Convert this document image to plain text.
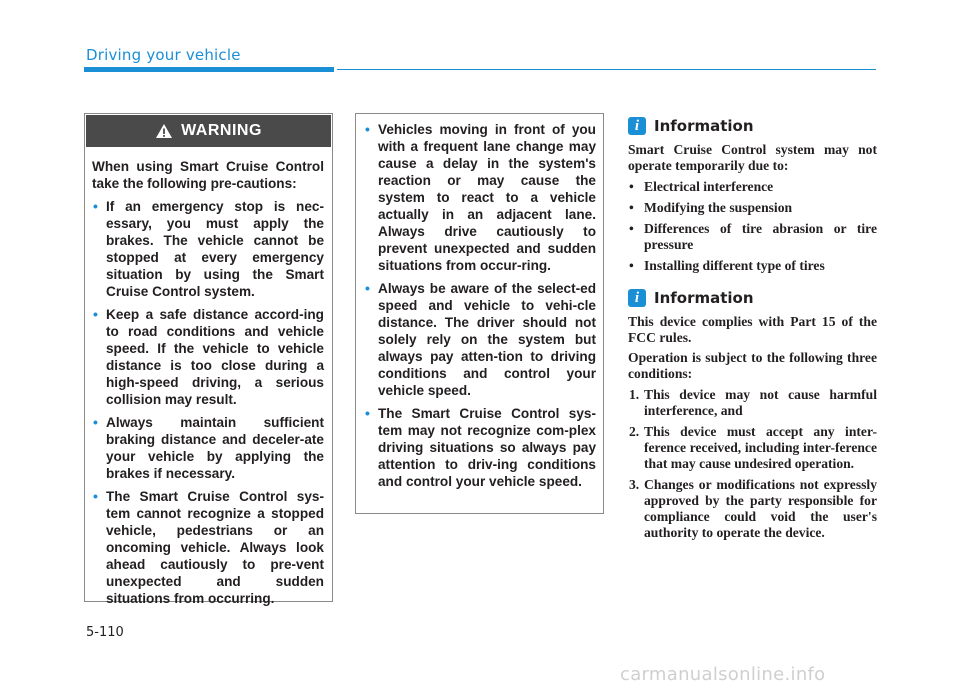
Driving your vehicle
WARNING
When using Smart Cruise Control take the following pre-cautions:
• If an emergency stop is nec-essary, you must apply the brakes. The vehicle cannot be stopped at every emergency situation by using the Smart Cruise Control system.
• Keep a safe distance accord-ing to road conditions and vehicle speed. If the vehicle to vehicle distance is too close during a high-speed driving, a serious collision may result.
• Always maintain sufficient braking distance and deceler-ate your vehicle by applying the brakes if necessary.
• The Smart Cruise Control sys-tem cannot recognize a stopped vehicle, pedestrians or an oncoming vehicle. Always look ahead cautiously to pre-vent unexpected and sudden situations from occurring.
• Vehicles moving in front of you with a frequent lane change may cause a delay in the system's reaction or may cause the system to react to a vehicle actually in an adjacent lane. Always drive cautiously to prevent unexpected and sudden situations from occur-ring.
• Always be aware of the select-ed speed and vehicle to vehi-cle distance. The driver should not solely rely on the system but always pay atten-tion to driving conditions and control your vehicle speed.
• The Smart Cruise Control sys-tem may not recognize com-plex driving situations so always pay attention to driv-ing conditions and control your vehicle speed.
i Information

Smart Cruise Control system may not operate temporarily due to:

• Electrical interference
• Modifying the suspension
• Differences of tire abrasion or tire pressure
• Installing different type of tires
i Information

This device complies with Part 15 of the FCC rules.

Operation is subject to the following three conditions:

1. This device may not cause harmful interference, and
2. This device must accept any inter-ference received, including inter-ference that may cause undesired operation.
3. Changes or modifications not expressly approved by the party responsible for compliance could void the user's authority to operate the device.
5-110
carmanualsonline.info
